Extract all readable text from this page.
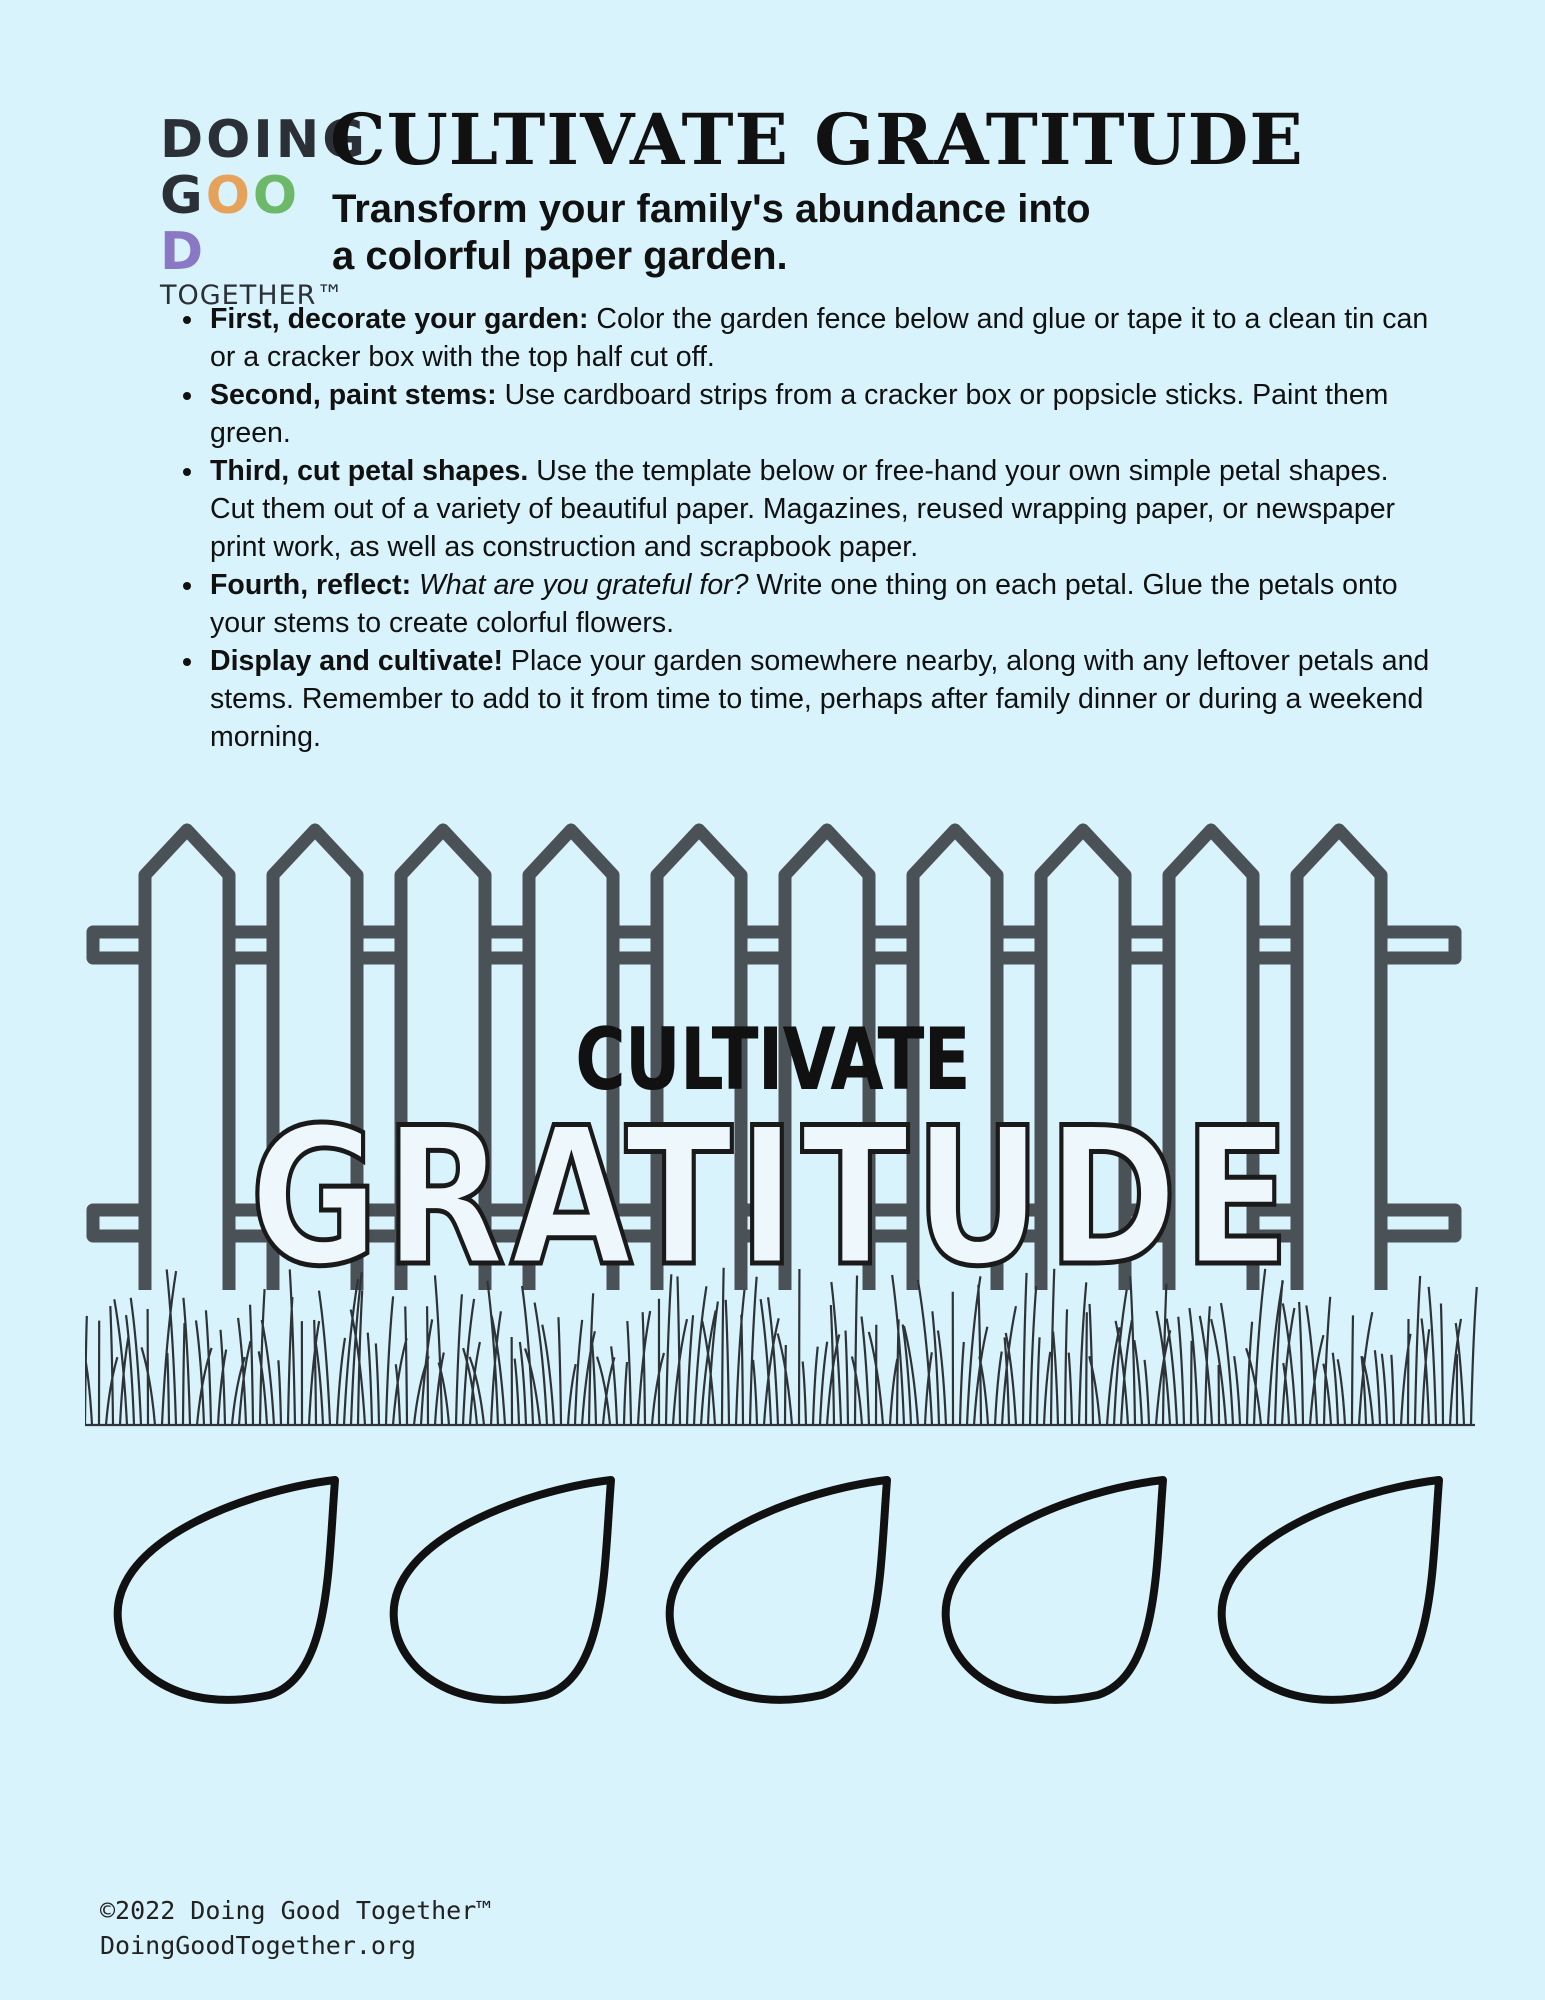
DOING
GOOD
TOGETHER™
CULTIVATE GRATITUDE
Transform your family's abundance into
a colorful paper garden.
• First, decorate your garden: Color the garden fence below and glue or tape it to a clean tin can or a cracker box with the top half cut off.
• Second, paint stems: Use cardboard strips from a cracker box or popsicle sticks. Paint them green.
• Third, cut petal shapes. Use the template below or free-hand your own simple petal shapes. Cut them out of a variety of beautiful paper. Magazines, reused wrapping paper, or newspaper print work, as well as construction and scrapbook paper.
• Fourth, reflect: What are you grateful for? Write one thing on each petal. Glue the petals onto your stems to create colorful flowers.
• Display and cultivate! Place your garden somewhere nearby, along with any leftover petals and stems. Remember to add to it from time to time, perhaps after family dinner or during a weekend morning.
CULTIVATE
GRATITUDE

©2022 Doing Good Together™
DoingGoodTogether.org
